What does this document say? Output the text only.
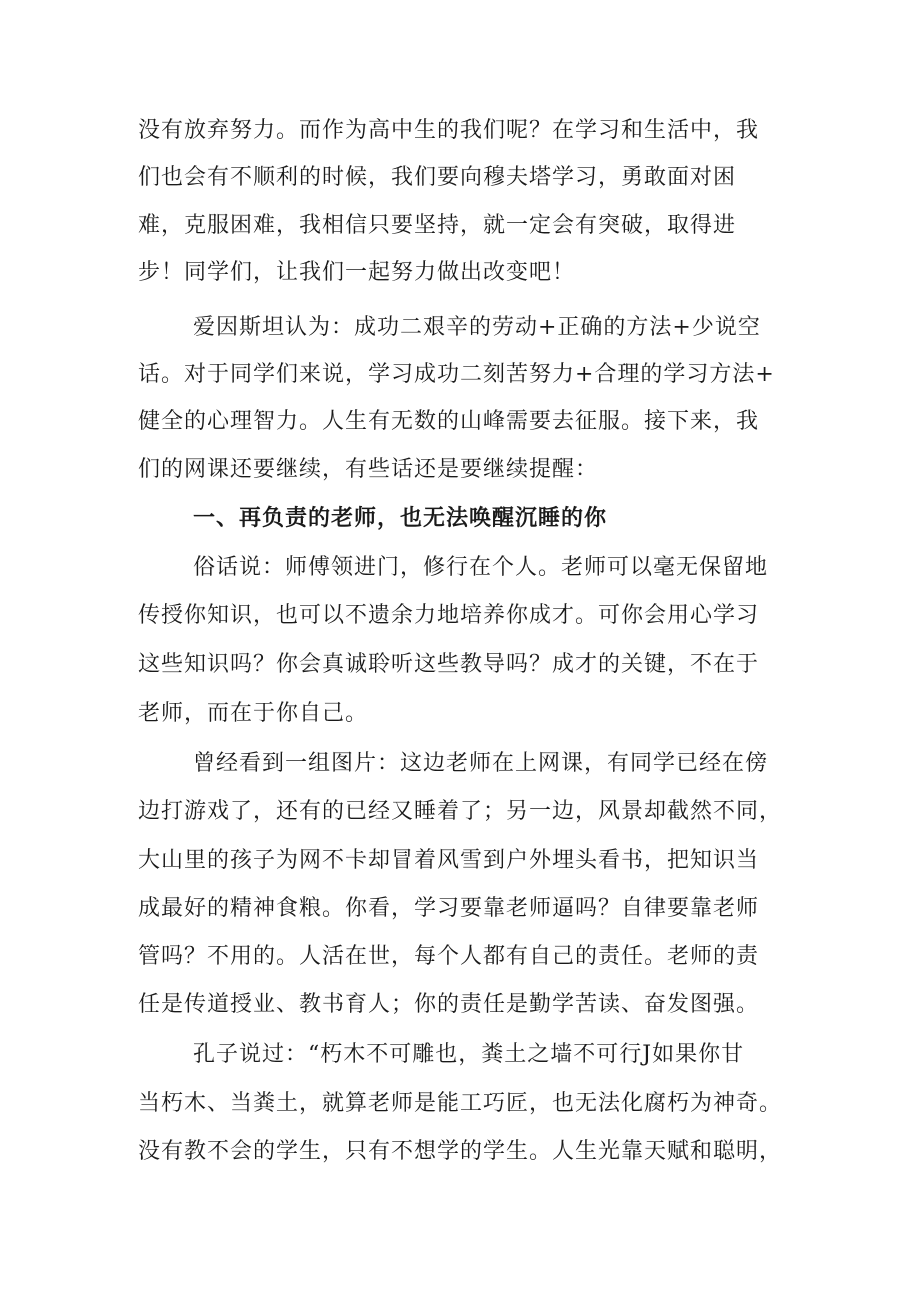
没有放弃努力。而作为高中生的我们呢？在学习和生活中，我
们也会有不顺利的时候，我们要向穆夫塔学习，勇敢面对困
难，克服困难，我相信只要坚持，就一定会有突破，取得进
步！同学们，让我们一起努力做出改变吧！
爱因斯坦认为：成功二艰辛的劳动+正确的方法+少说空
话。对于同学们来说，学习成功二刻苦努力+合理的学习方法+
健全的心理智力。人生有无数的山峰需要去征服。接下来，我
们的网课还要继续，有些话还是要继续提醒：
一、再负责的老师，也无法唤醒沉睡的你
俗话说：师傅领进门，修行在个人。老师可以毫无保留地
传授你知识，也可以不遗余力地培养你成才。可你会用心学习
这些知识吗？你会真诚聆听这些教导吗？成才的关键，不在于
老师，而在于你自己。
曾经看到一组图片：这边老师在上网课，有同学已经在傍
边打游戏了，还有的已经又睡着了；另一边，风景却截然不同，
大山里的孩子为网不卡却冒着风雪到户外埋头看书，把知识当
成最好的精神食粮。你看，学习要靠老师逼吗？自律要靠老师
管吗？不用的。人活在世，每个人都有自己的责任。老师的责
任是传道授业、教书育人；你的责任是勤学苦读、奋发图强。
孔子说过：“朽木不可雕也，粪土之墙不可行J如果你甘
当朽木、当粪土，就算老师是能工巧匠，也无法化腐朽为神奇。
没有教不会的学生，只有不想学的学生。人生光靠天赋和聪明，
